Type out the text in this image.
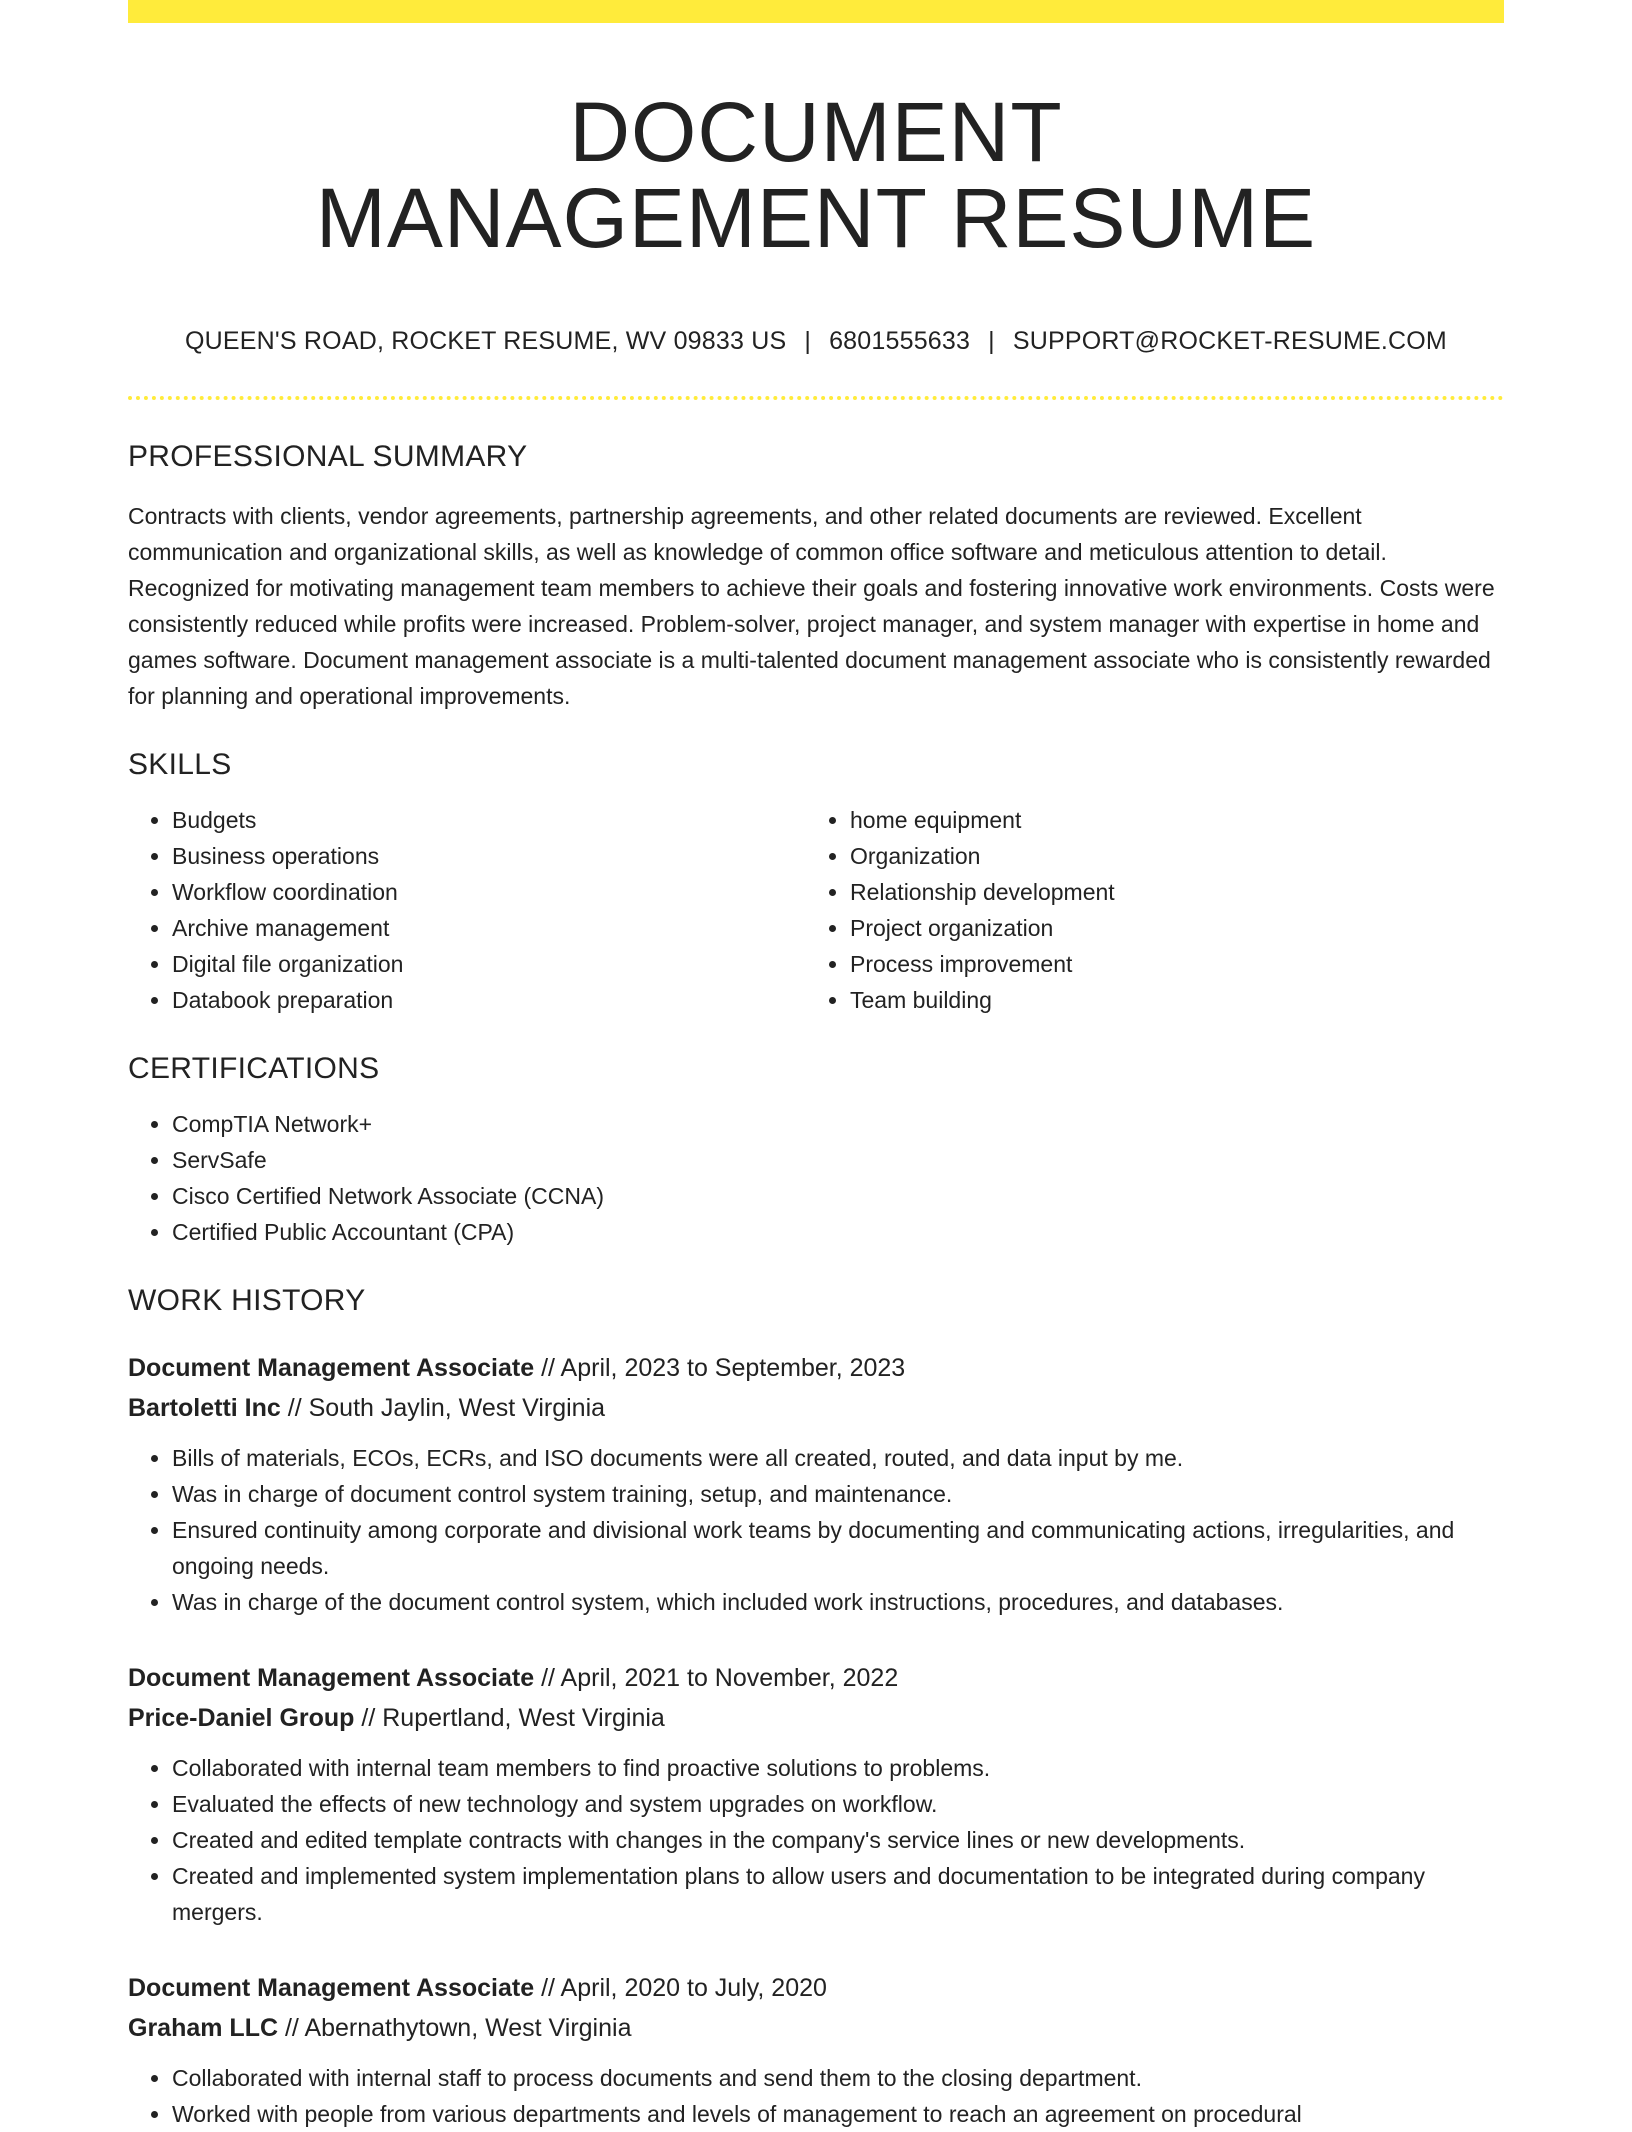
DOCUMENT
MANAGEMENT RESUME
QUEEN'S ROAD, ROCKET RESUME, WV 09833 US | 6801555633 | SUPPORT@ROCKET-RESUME.COM
PROFESSIONAL SUMMARY
Contracts with clients, vendor agreements, partnership agreements, and other related documents are reviewed. Excellent communication and organizational skills, as well as knowledge of common office software and meticulous attention to detail. Recognized for motivating management team members to achieve their goals and fostering innovative work environments. Costs were consistently reduced while profits were increased. Problem-solver, project manager, and system manager with expertise in home and games software. Document management associate is a multi-talented document management associate who is consistently rewarded for planning and operational improvements.
SKILLS
• Budgets
• Business operations
• Workflow coordination
• Archive management
• Digital file organization
• Databook preparation
• home equipment
• Organization
• Relationship development
• Project organization
• Process improvement
• Team building
CERTIFICATIONS
• CompTIA Network+
• ServSafe
• Cisco Certified Network Associate (CCNA)
• Certified Public Accountant (CPA)
WORK HISTORY
Document Management Associate // April, 2023 to September, 2023
Bartoletti Inc // South Jaylin, West Virginia
• Bills of materials, ECOs, ECRs, and ISO documents were all created, routed, and data input by me.
• Was in charge of document control system training, setup, and maintenance.
• Ensured continuity among corporate and divisional work teams by documenting and communicating actions, irregularities, and ongoing needs.
• Was in charge of the document control system, which included work instructions, procedures, and databases.
Document Management Associate // April, 2021 to November, 2022
Price-Daniel Group // Rupertland, West Virginia
• Collaborated with internal team members to find proactive solutions to problems.
• Evaluated the effects of new technology and system upgrades on workflow.
• Created and edited template contracts with changes in the company's service lines or new developments.
• Created and implemented system implementation plans to allow users and documentation to be integrated during company mergers.
Document Management Associate // April, 2020 to July, 2020
Graham LLC // Abernathytown, West Virginia
• Collaborated with internal staff to process documents and send them to the closing department.
• Worked with people from various departments and levels of management to reach an agreement on procedural
